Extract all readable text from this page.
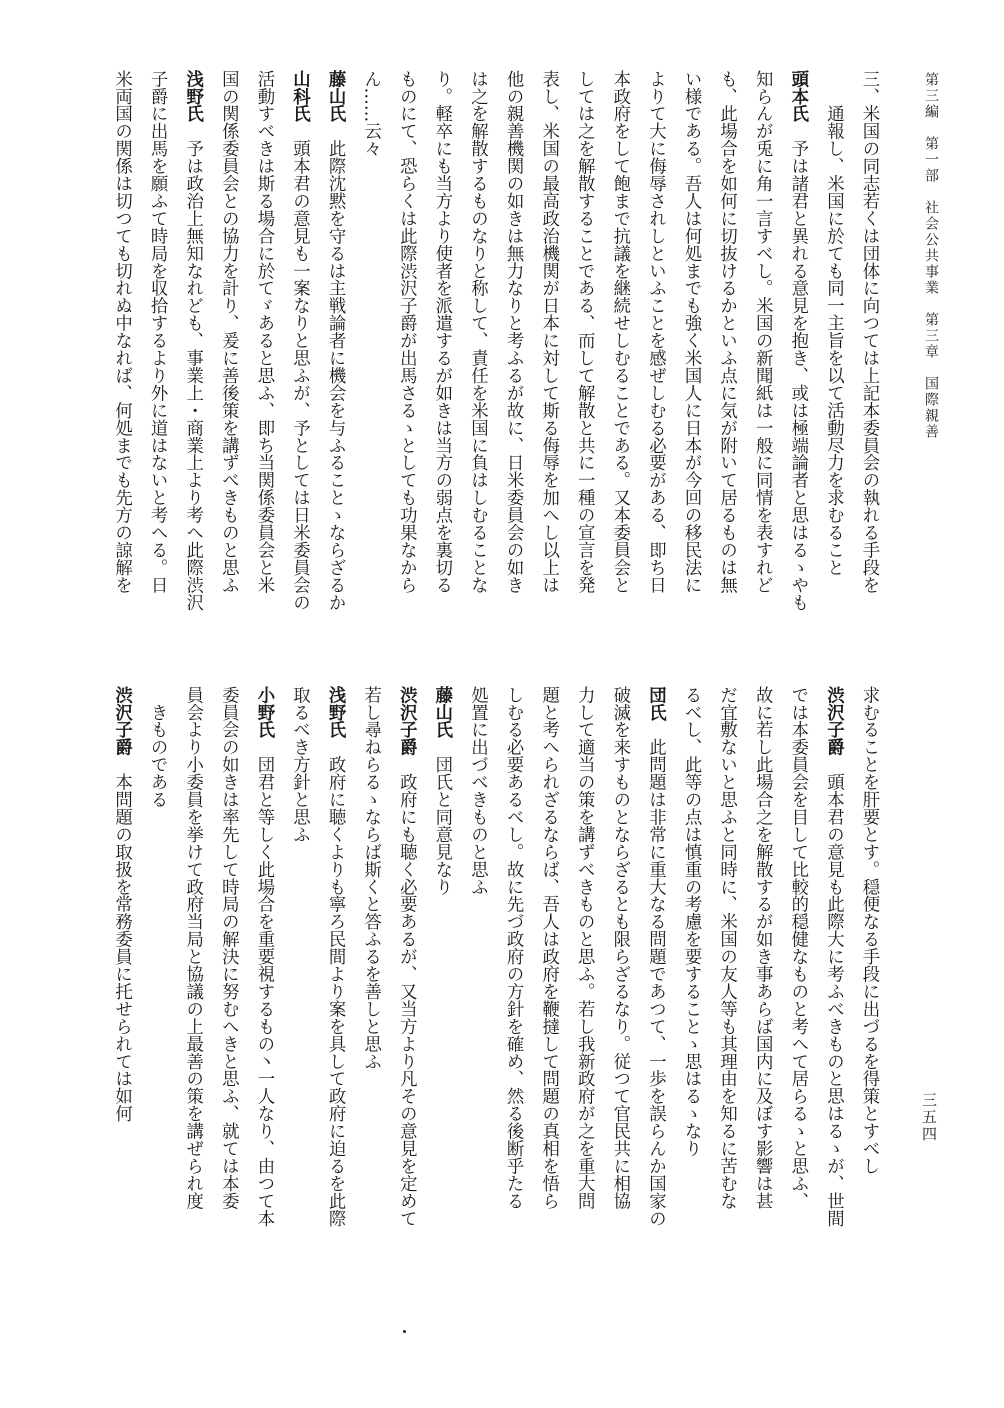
第三編　第一部　社会公共事業　第三章　国際親善
三、米国の同志若くは団体に向つては上記本委員会の執れる手段を
　　通報し、米国に於ても同一主旨を以て活動尽力を求むること
頭本氏　予は諸君と異れる意見を抱き、或は極端論者と思はるゝやも
知らんが兎に角一言すべし。米国の新聞紙は一般に同情を表すれど
も、此場合を如何に切抜けるかといふ点に気が附いて居るものは無
い様である。吾人は何処までも強く米国人に日本が今回の移民法に
よりて大に侮辱されしといふことを感ぜしむる必要がある、即ち日
本政府をして飽まで抗議を継続せしむることである。又本委員会と
しては之を解散することである、而して解散と共に一種の宣言を発
表し、米国の最高政治機関が日本に対して斯る侮辱を加へし以上は
他の親善機関の如きは無力なりと考ふるが故に、日米委員会の如き
は之を解散するものなりと称して、責任を米国に負はしむることな
り。軽卒にも当方より使者を派遣するが如きは当方の弱点を裏切る
ものにて、恐らくは此際渋沢子爵が出馬さるゝとしても功果なから
ん……云々
藤山氏　此際沈黙を守るは主戦論者に機会を与ふることゝならざるか
山科氏　頭本君の意見も一案なりと思ふが、予としては日米委員会の
活動すべきは斯る場合に於てゞあると思ふ、即ち当関係委員会と米
国の関係委員会との協力を計り、爰に善後策を講ずべきものと思ふ
浅野氏　予は政治上無知なれども、事業上・商業上より考へ此際渋沢
子爵に出馬を願ふて時局を収拾するより外に道はないと考へる。日
米両国の関係は切つても切れぬ中なれば、何処までも先方の諒解を
求むることを肝要とす。穏便なる手段に出づるを得策とすべし
渋沢子爵　頭本君の意見も此際大に考ふべきものと思はるゝが、世間
では本委員会を目して比較的穏健なものと考へて居らるゝと思ふ、
故に若し此場合之を解散するが如き事あらば国内に及ぼす影響は甚
だ宜敷ないと思ふと同時に、米国の友人等も其理由を知るに苦むな
るべし、此等の点は慎重の考慮を要することゝ思はるゝなり
団氏　此問題は非常に重大なる問題であつて、一歩を誤らんか国家の
破滅を来すものとならざるとも限らざるなり。従つて官民共に相協
力して適当の策を講ずべきものと思ふ。若し我新政府が之を重大問
題と考へられざるならば、吾人は政府を鞭撻して問題の真相を悟ら
しむる必要あるべし。故に先づ政府の方針を確め、然る後断乎たる
処置に出づべきものと思ふ
藤山氏　団氏と同意見なり
渋沢子爵　政府にも聴く必要あるが、又当方より凡その意見を定めて
若し尋ねらるゝならば斯くと答ふるを善しと思ふ
浅野氏　政府に聴くよりも寧ろ民間より案を具して政府に迫るを此際
取るべき方針と思ふ
小野氏　団君と等しく此場合を重要視するもの丶一人なり、由つて本
委員会の如きは率先して時局の解決に努むへきと思ふ、就ては本委
員会より小委員を挙けて政府当局と協議の上最善の策を講ぜられ度
　きものである
渋沢子爵　本問題の取扱を常務委員に托せられては如何	三五四
